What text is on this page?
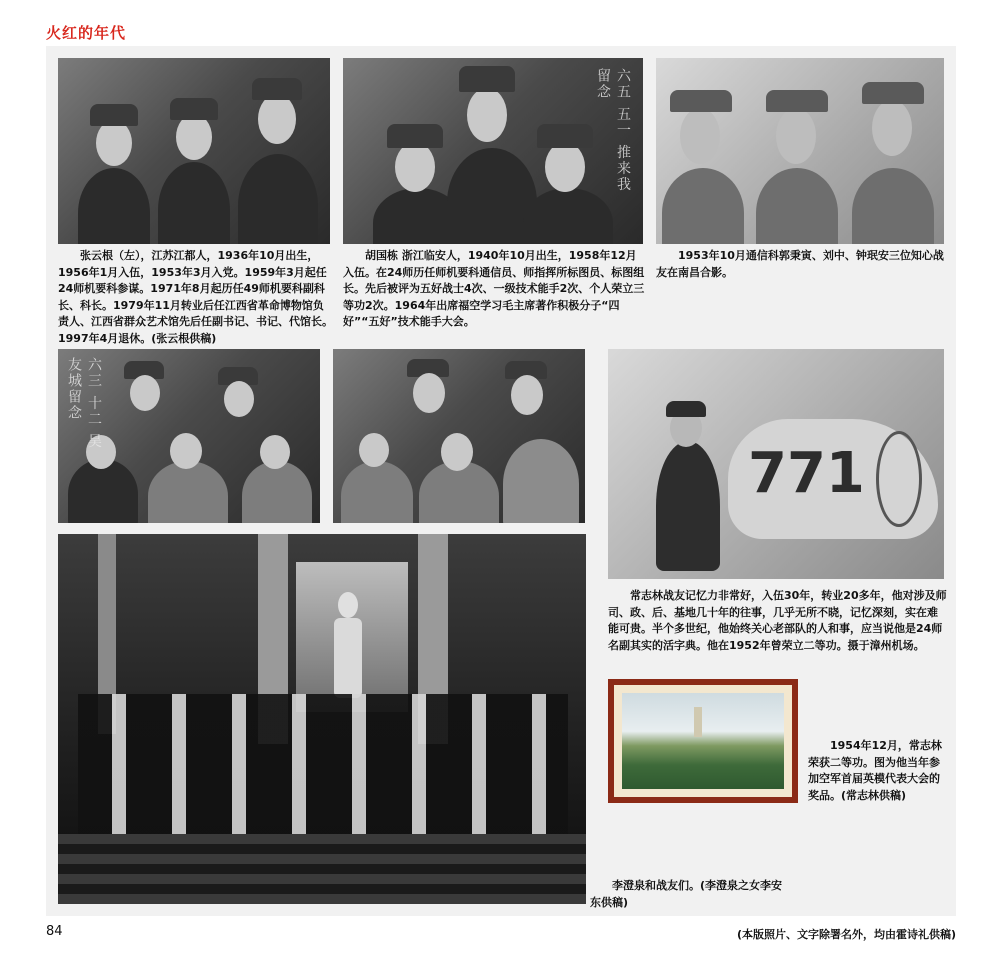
火红的年代
张云根（左），江苏江都人，1936年10月出生，1956年1月入伍，1953年3月入党。1959年3月起任24师机要科参谋。1971年8月起历任49师机要科副科长、科长。1979年11月转业后任江西省革命博物馆负责人、江西省群众艺术馆先后任副书记、书记、代馆长。1997年4月退休。(张云根供稿)
六五 五一 推来我留念
胡国栋 浙江临安人，1940年10月出生，1958年12月入伍。在24师历任师机要科通信员、师指挥所标图员、标图组长。先后被评为五好战士4次、一级技术能手2次、个人荣立三等功2次。1964年出席福空学习毛主席著作积极分子“四好”“五好”技术能手大会。
1953年10月通信科郭秉寅、刘中、钟珉安三位知心战友在南昌合影。
六三 十二 吴友城留念
771
常志林战友记忆力非常好，入伍30年，转业20多年，他对涉及师司、政、后、基地几十年的往事，几乎无所不晓，记忆深刻，实在难能可贵。半个多世纪，他始终关心老部队的人和事，应当说他是24师名副其实的活字典。他在1952年曾荣立二等功。摄于漳州机场。
李澄泉和战友们。(李澄泉之女李安东供稿)
1954年12月，常志林荣获二等功。图为他当年参加空军首届英模代表大会的奖品。(常志林供稿)
84	(本版照片、文字除署名外，均由霍诗礼供稿)
